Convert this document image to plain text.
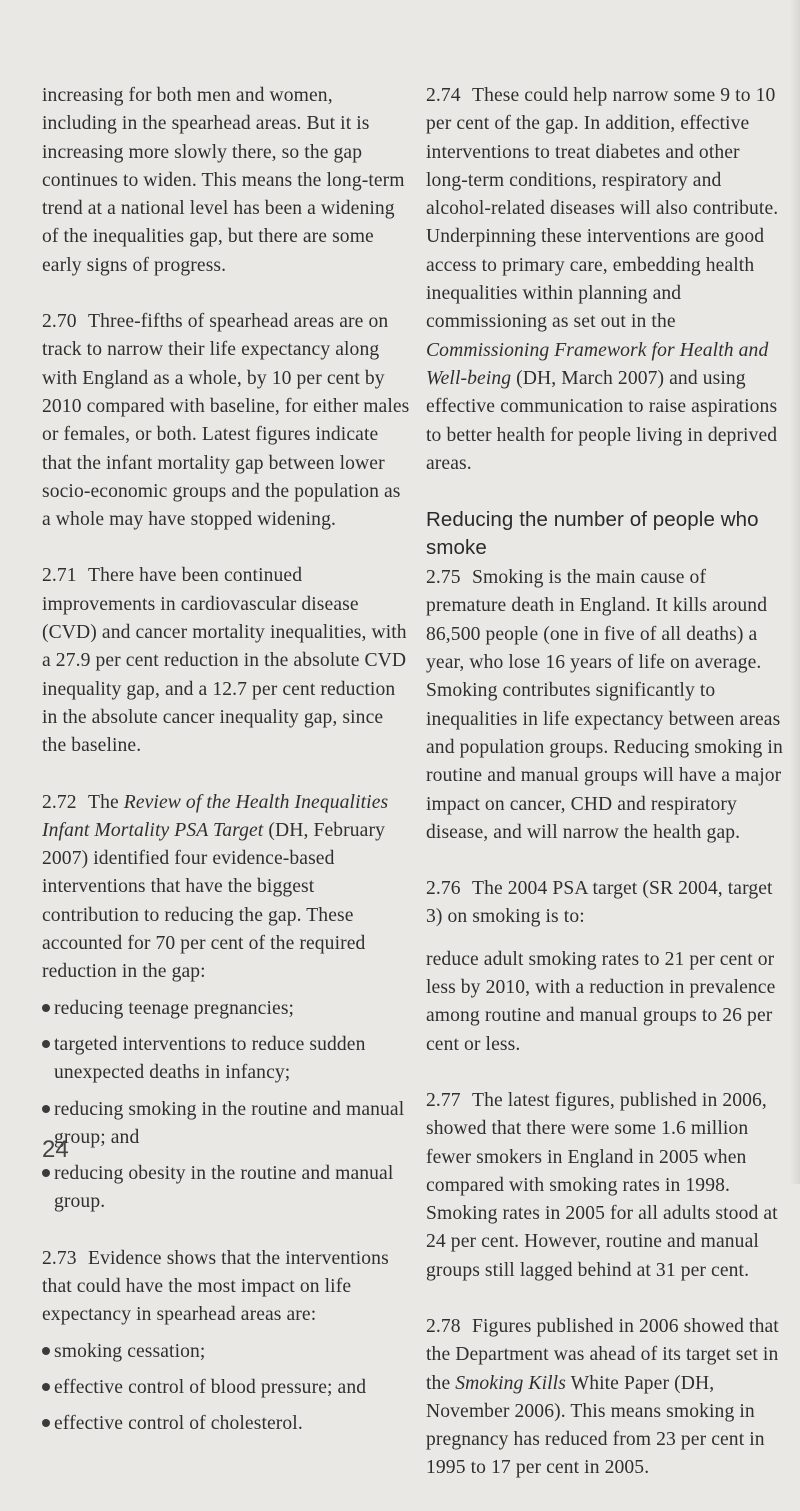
increasing for both men and women, including in the spearhead areas. But it is increasing more slowly there, so the gap continues to widen. This means the long-term trend at a national level has been a widening of the inequalities gap, but there are some early signs of progress.

2.70 Three-fifths of spearhead areas are on track to narrow their life expectancy along with England as a whole, by 10 per cent by 2010 compared with baseline, for either males or females, or both. Latest figures indicate that the infant mortality gap between lower socio-economic groups and the population as a whole may have stopped widening.

2.71 There have been continued improvements in cardiovascular disease (CVD) and cancer mortality inequalities, with a 27.9 per cent reduction in the absolute CVD inequality gap, and a 12.7 per cent reduction in the absolute cancer inequality gap, since the baseline.

2.72 The Review of the Health Inequalities Infant Mortality PSA Target (DH, February 2007) identified four evidence-based interventions that have the biggest contribution to reducing the gap. These accounted for 70 per cent of the required reduction in the gap:

reducing teenage pregnancies;
targeted interventions to reduce sudden unexpected deaths in infancy;
reducing smoking in the routine and manual group; and
reducing obesity in the routine and manual group.

2.73 Evidence shows that the interventions that could have the most impact on life expectancy in spearhead areas are:

smoking cessation;
effective control of blood pressure; and
effective control of cholesterol.

2.74 These could help narrow some 9 to 10 per cent of the gap. In addition, effective interventions to treat diabetes and other long-term conditions, respiratory and alcohol-related diseases will also contribute. Underpinning these interventions are good access to primary care, embedding health inequalities within planning and commissioning as set out in the Commissioning Framework for Health and Well-being (DH, March 2007) and using effective communication to raise aspirations to better health for people living in deprived areas.

Reducing the number of people who smoke

2.75 Smoking is the main cause of premature death in England. It kills around 86,500 people (one in five of all deaths) a year, who lose 16 years of life on average. Smoking contributes significantly to inequalities in life expectancy between areas and population groups. Reducing smoking in routine and manual groups will have a major impact on cancer, CHD and respiratory disease, and will narrow the health gap.

2.76 The 2004 PSA target (SR 2004, target 3) on smoking is to:

reduce adult smoking rates to 21 per cent or less by 2010, with a reduction in prevalence among routine and manual groups to 26 per cent or less.

2.77 The latest figures, published in 2006, showed that there were some 1.6 million fewer smokers in England in 2005 when compared with smoking rates in 1998. Smoking rates in 2005 for all adults stood at 24 per cent. However, routine and manual groups still lagged behind at 31 per cent.

2.78 Figures published in 2006 showed that the Department was ahead of its target set in the Smoking Kills White Paper (DH, November 2006). This means smoking in pregnancy has reduced from 23 per cent in 1995 to 17 per cent in 2005.

24
